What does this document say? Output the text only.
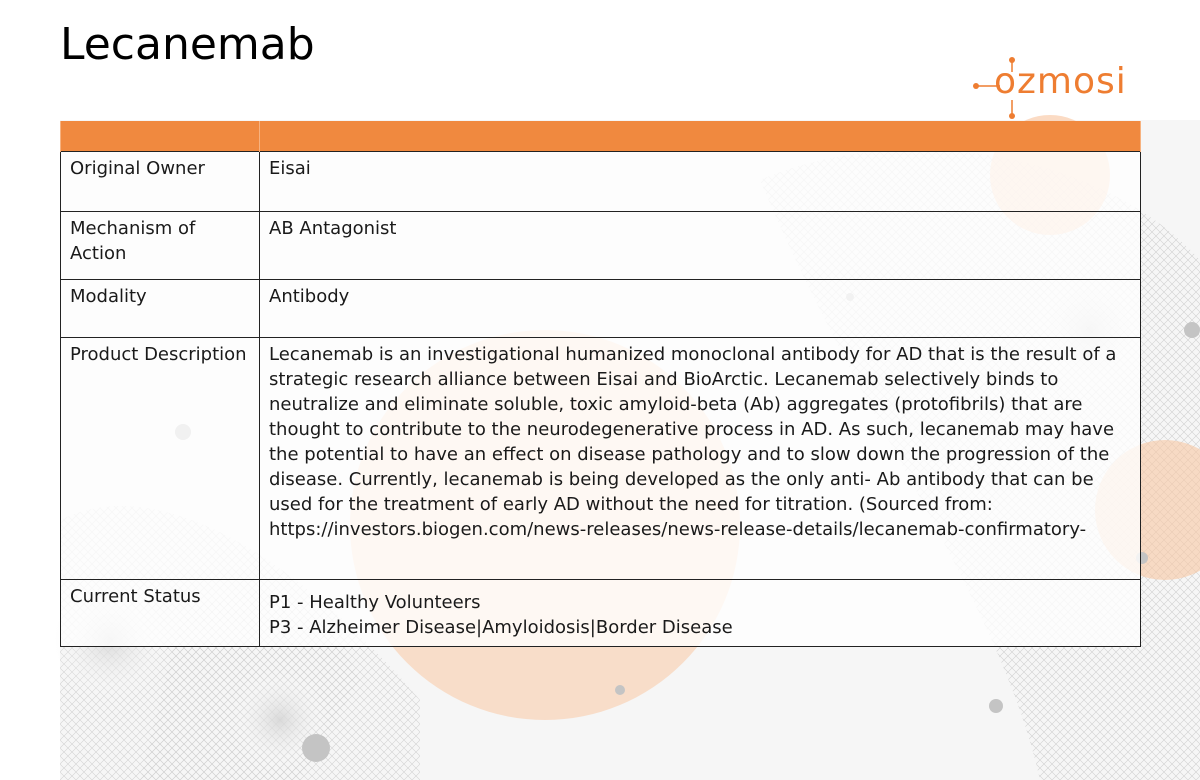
Lecanemab
ozmosi

Original Owner	Eisai
Mechanism of Action	AB Antagonist
Modality	Antibody
Product Description	Lecanemab is an investigational humanized monoclonal antibody for AD that is the result of a strategic research alliance between Eisai and BioArctic. Lecanemab selectively binds to neutralize and eliminate soluble, toxic amyloid-beta (Ab) aggregates (protofibrils) that are thought to contribute to the neurodegenerative process in AD. As such, lecanemab may have the potential to have an effect on disease pathology and to slow down the progression of the disease. Currently, lecanemab is being developed as the only anti- Ab antibody that can be used for the treatment of early AD without the need for titration. (Sourced from:
https://investors.biogen.com/news-releases/news-release-details/lecanemab-confirmatory-

Current Status	P1 - Healthy Volunteers
P3 - Alzheimer Disease|Amyloidosis|Border Disease
